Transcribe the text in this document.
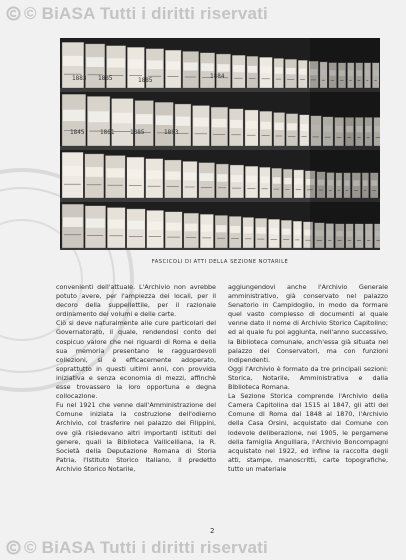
© BiASA Tutti i diritti riservati
1883 1885	1885
1884
1845	1861	1885	1883
FASCICOLI DI ATTI DELLA SEZIONE NOTARILE

convenienti dell'attuale. L'Archivio non avrebbe potuto avere, per l'ampiezza dei locali, per il decoro della suppellettile, per il razionale ordinamento dei volumi e delle carte.

Ciò si deve naturalmente alle cure particolari del Governatorato, il quale, rendendosi conto del cospicuo valore che nei riguardi di Roma e della sua memoria presentano le ragguardevoli collezioni, si è efficacemente adoperato, soprattutto in questi ultimi anni, con provvida iniziativa e senza economia di mezzi, affinchè esse trovassero la loro opportuna e degna collocazione.

Fu nel 1921 che venne dall'Amministrazione del Comune iniziata la costruzione dell'odierno Archivio, col trasferire nel palazzo dei Filippini, ove già risiedevano altri importanti istituti del genere, quali la Biblioteca Vallicelliana, la R. Società della Deputazione Romana di Storia Patria, l'Istituto Storico Italiano, il predetto Archivio Storico Notarile,

aggiungendovi anche l'Archivio Generale amministrativo, già conservato nel palazzo Senatorio in Campidoglio, in modo da formare quel vasto complesso di documenti al quale venne dato il nome di Archivio Storico Capitolino; ed ai quale fu poi aggiunta, nell'anno successivo, la Biblioteca comunale, anch'essa già situata nel palazzo dei Conservatori, ma con funzioni indipendenti.

Oggi l'Archivio è formato da tre principali sezioni: Storica, Notarile, Amministrativa e dalla Biblioteca Romana.

La Sezione Storica comprende l'Archivio della Camera Capitolina dal 1515 al 1847, gli atti del Comune di Roma dal 1848 al 1870, l'Archivio della Casa Orsini, acquistato dal Comune con lodevole deliberazione, nel 1905, le pergamene della famiglia Anguillara, l'Archivio Boncompagni acquistato nel 1922, ed infine la raccolta degli atti, stampe, manoscritti, carte topografiche, tutto un materiale

2
© BiASA Tutti i diritti riservati
